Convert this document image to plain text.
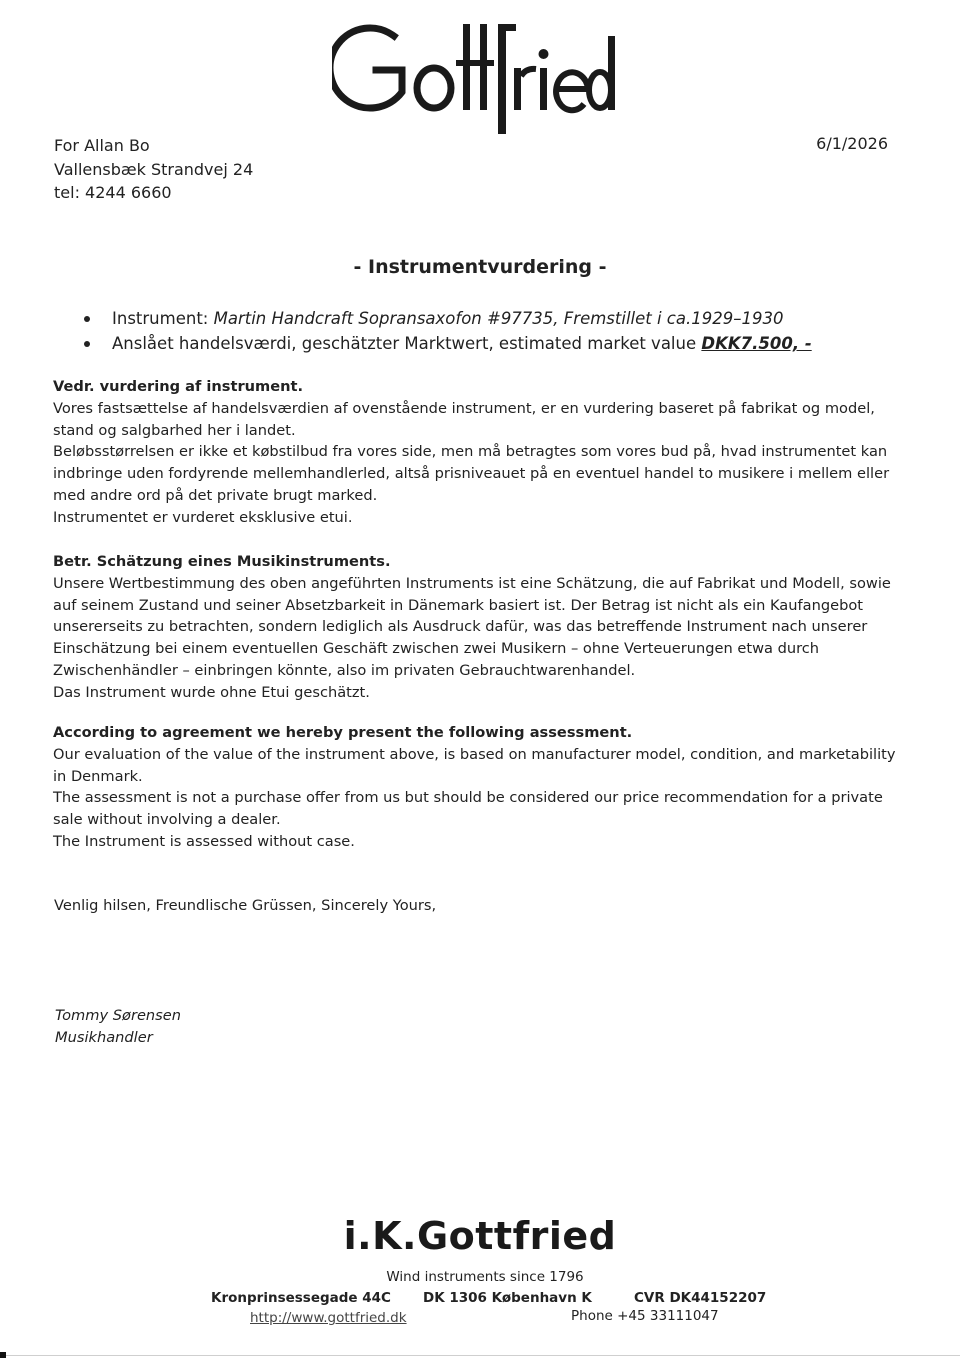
For Allan Bo
Vallensbæk Strandvej 24
tel: 4244 6660
6/1/2026
- Instrumentvurdering -
Instrument: Martin Handcraft Sopransaxofon #97735, Fremstillet i ca.1929–1930
Anslået handelsværdi, geschätzter Marktwert, estimated market value DKK7.500, -

Vedr. vurdering af instrument.

Vores fastsættelse af handelsværdien af ovenstående instrument, er en vurdering baseret på fabrikat og model, stand og salgbarhed her i landet.

Beløbsstørrelsen er ikke et købstilbud fra vores side, men må betragtes som vores bud på, hvad instrumentet kan indbringe uden fordyrende mellemhandlerled, altså prisniveauet på en eventuel handel to musikere i mellem eller med andre ord på det private brugt marked.

Instrumentet er vurderet eksklusive etui.

Betr. Schätzung eines Musikinstruments.

Unsere Wertbestimmung des oben angeführten Instruments ist eine Schätzung, die auf Fabrikat und Modell, sowie auf seinem Zustand und seiner Absetzbarkeit in Dänemark basiert ist. Der Betrag ist nicht als ein Kaufangebot unsererseits zu betrachten, sondern lediglich als Ausdruck dafür, was das betreffende Instrument nach unserer Einschätzung bei einem eventuellen Geschäft zwischen zwei Musikern – ohne Verteuerungen etwa durch Zwischenhändler – einbringen könnte, also im privaten Gebrauchtwarenhandel.

Das Instrument wurde ohne Etui geschätzt.

According to agreement we hereby present the following assessment.

Our evaluation of the value of the instrument above, is based on manufacturer model, condition, and marketability in Denmark.

The assessment is not a purchase offer from us but should be considered our price recommendation for a private sale without involving a dealer.

The Instrument is assessed without case.

Venlig hilsen, Freundlische Grüssen, Sincerely Yours,
Tommy Sørensen
Musikhandler
i.K.Gottfried
Wind instruments since 1796
Kronprinsessegade 44C DK 1306 København K	CVR DK44152207
http://www.gottfried.dk	Phone +45 33111047
